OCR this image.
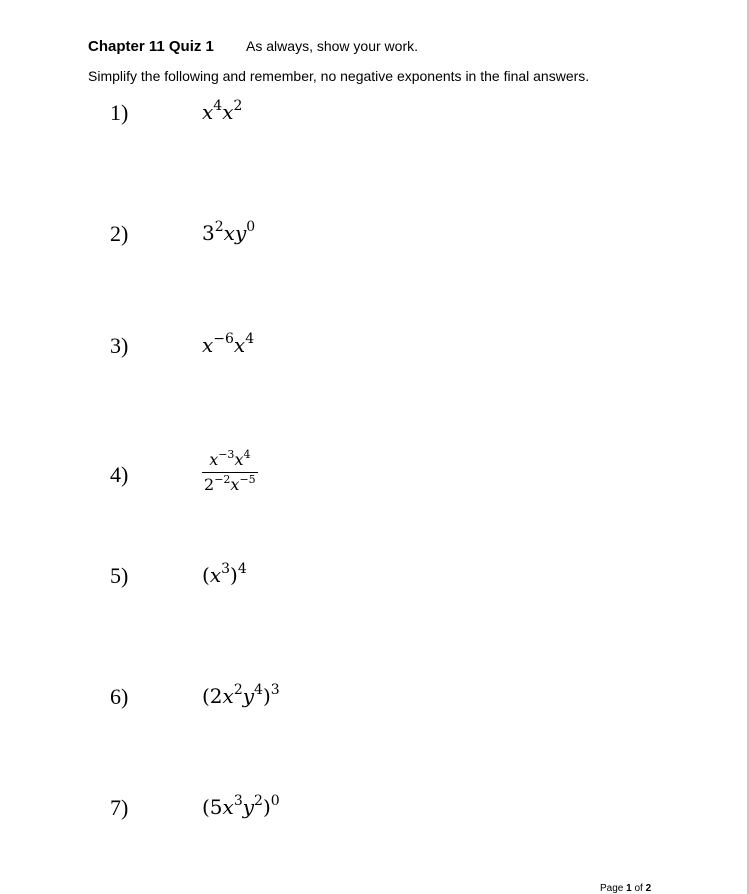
Chapter 11 Quiz 1 As always, show your work.
Simplify the following and remember, no negative exponents in the final answers.
1)	$x^4x^2$
2)	$3^2xy^0$
3)	$x^{-6}x^4$
4)	$\frac{x^{-3}x^4}{2^{-2}x^{-5}}$
5)	$(x^3)^4$
6)	$(2x^2y^4)^3$
7)	$(5x^3y^2)^0$
Page 1 of 2
